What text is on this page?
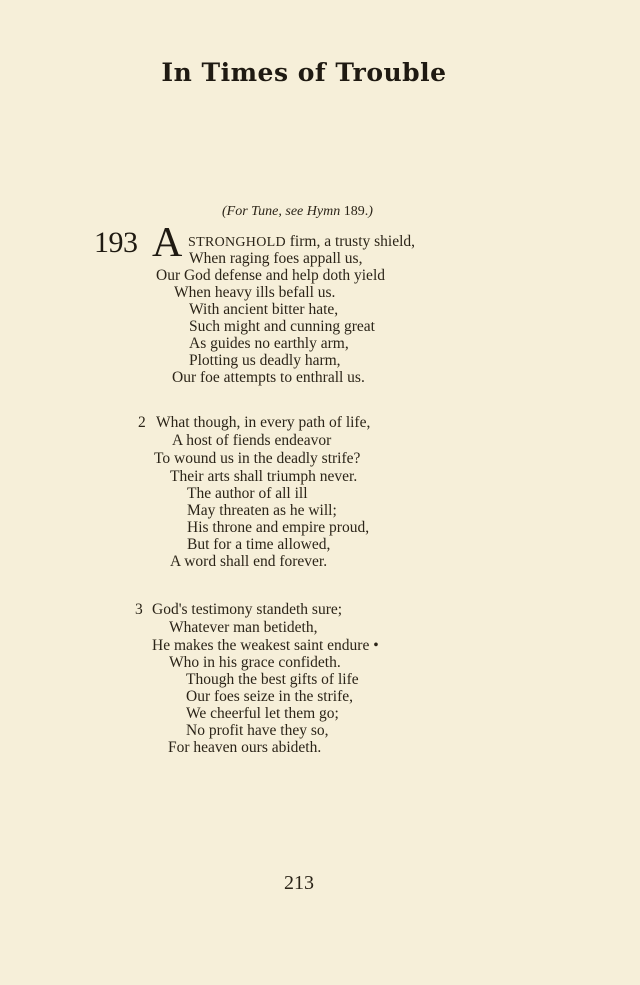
In Times of Trouble
(For Tune, see Hymn 189.)
193 A STRONGHOLD firm, a trusty shield,
When raging foes appall us,
Our God defense and help doth yield
When heavy ills befall us.
With ancient bitter hate,
Such might and cunning great
As guides no earthly arm,
Plotting us deadly harm,
Our foe attempts to enthrall us.
2 What though, in every path of life,
A host of fiends endeavor
To wound us in the deadly strife?
Their arts shall triumph never.
The author of all ill
May threaten as he will;
His throne and empire proud,
But for a time allowed,
A word shall end forever.
3 God's testimony standeth sure;
Whatever man betideth,
He makes the weakest saint endure •
Who in his grace confideth.
Though the best gifts of life
Our foes seize in the strife,
We cheerful let them go;
No profit have they so,
For heaven ours abideth.
213
